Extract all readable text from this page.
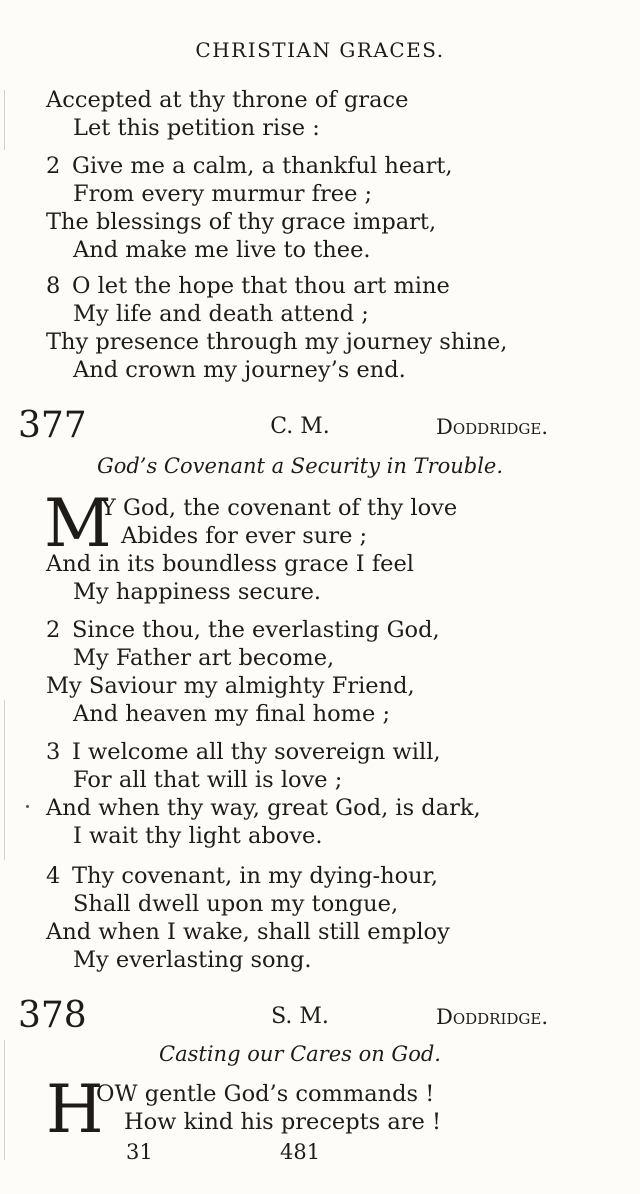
CHRISTIAN GRACES.
Accepted at thy throne of grace
Let this petition rise :
2 Give me a calm, a thankful heart,
From every murmur free ;
The blessings of thy grace impart,
And make me live to thee.
8 O let the hope that thou art mine
My life and death attend ;
Thy presence through my journey shine,
And crown my journey’s end.
377	C. M.	Doddridge.
God’s Covenant a Security in Trouble.
M
Y God, the covenant of thy love
Abides for ever sure ;
And in its boundless grace I feel
My happiness secure.
2 Since thou, the everlasting God,
My Father art become,
My Saviour my almighty Friend,
And heaven my final home ;
3 I welcome all thy sovereign will,
For all that will is love ;
And when thy way, great God, is dark,
I wait thy light above.
4 Thy covenant, in my dying-hour,
Shall dwell upon my tongue,
And when I wake, shall still employ
My everlasting song.
378	S. M.	Doddridge.
Casting our Cares on God.
H
OW gentle God’s commands !
How kind his precepts are !
31	481
